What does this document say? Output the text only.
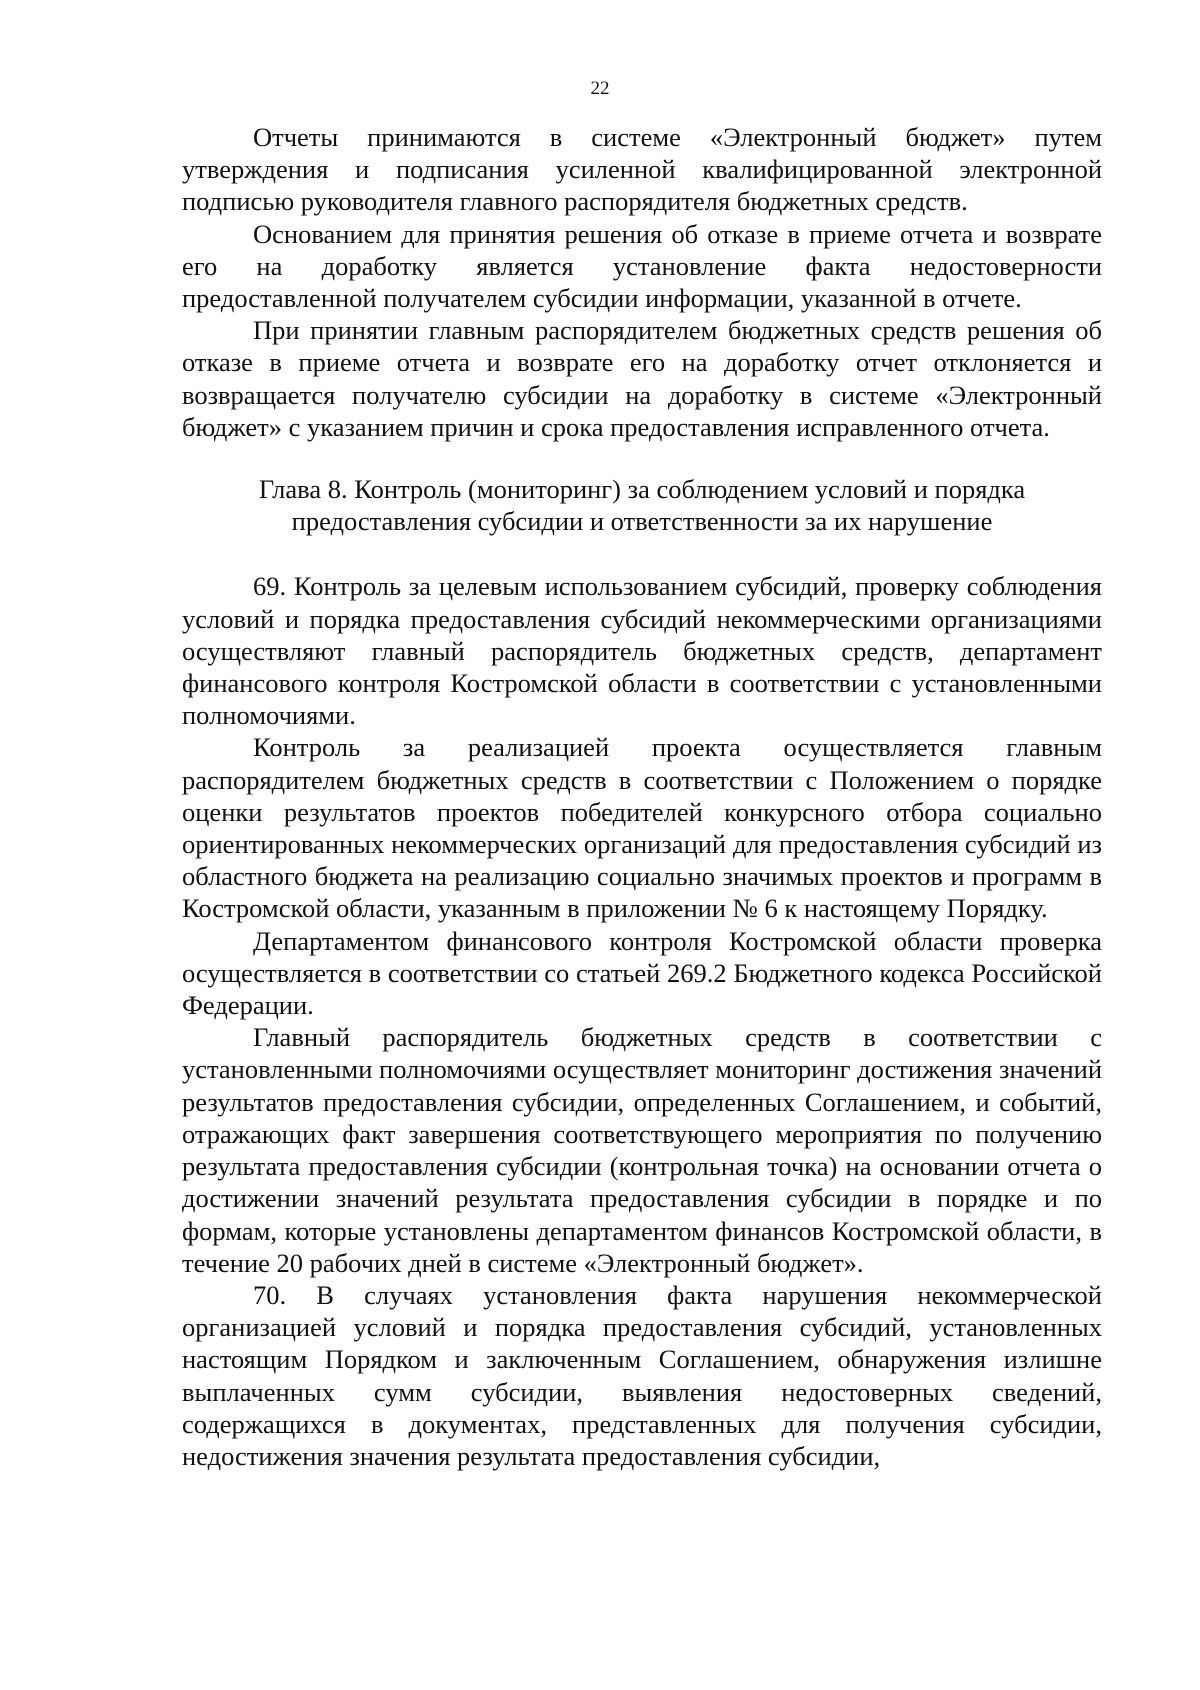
22

Отчеты принимаются в системе «Электронный бюджет» путем утверждения и подписания усиленной квалифицированной электронной подписью руководителя главного распорядителя бюджетных средств.

Основанием для принятия решения об отказе в приеме отчета и возврате его на доработку является установление факта недостоверности предоставленной получателем субсидии информации, указанной в отчете.

При принятии главным распорядителем бюджетных средств решения об отказе в приеме отчета и возврате его на доработку отчет отклоняется и возвращается получателю субсидии на доработку в системе «Электронный бюджет» с указанием причин и срока предоставления исправленного отчета.

Глава 8. Контроль (мониторинг) за соблюдением условий и порядка
предоставления субсидии и ответственности за их нарушение

69. Контроль за целевым использованием субсидий, проверку соблюдения условий и порядка предоставления субсидий некоммерческими организациями осуществляют главный распорядитель бюджетных средств, департамент финансового контроля Костромской области в соответствии с установленными полномочиями.

Контроль за реализацией проекта осуществляется главным распорядителем бюджетных средств в соответствии с Положением о порядке оценки результатов проектов победителей конкурсного отбора социально ориентированных некоммерческих организаций для предоставления субсидий из областного бюджета на реализацию социально значимых проектов и программ в Костромской области, указанным в приложении № 6 к настоящему Порядку.

Департаментом финансового контроля Костромской области проверка осуществляется в соответствии со статьей 269.2 Бюджетного кодекса Российской Федерации.

Главный распорядитель бюджетных средств в соответствии с установленными полномочиями осуществляет мониторинг достижения значений результатов предоставления субсидии, определенных Соглашением, и событий, отражающих факт завершения соответствующего мероприятия по получению результата предоставления субсидии (контрольная точка) на основании отчета о достижении значений результата предоставления субсидии в порядке и по формам, которые установлены департаментом финансов Костромской области, в течение 20 рабочих дней в системе «Электронный бюджет».

70. В случаях установления факта нарушения некоммерческой организацией условий и порядка предоставления субсидий, установленных настоящим Порядком и заключенным Соглашением, обнаружения излишне выплаченных сумм субсидии, выявления недостоверных сведений, содержащихся в документах, представленных для получения субсидии, недостижения значения результата предоставления субсидии,
